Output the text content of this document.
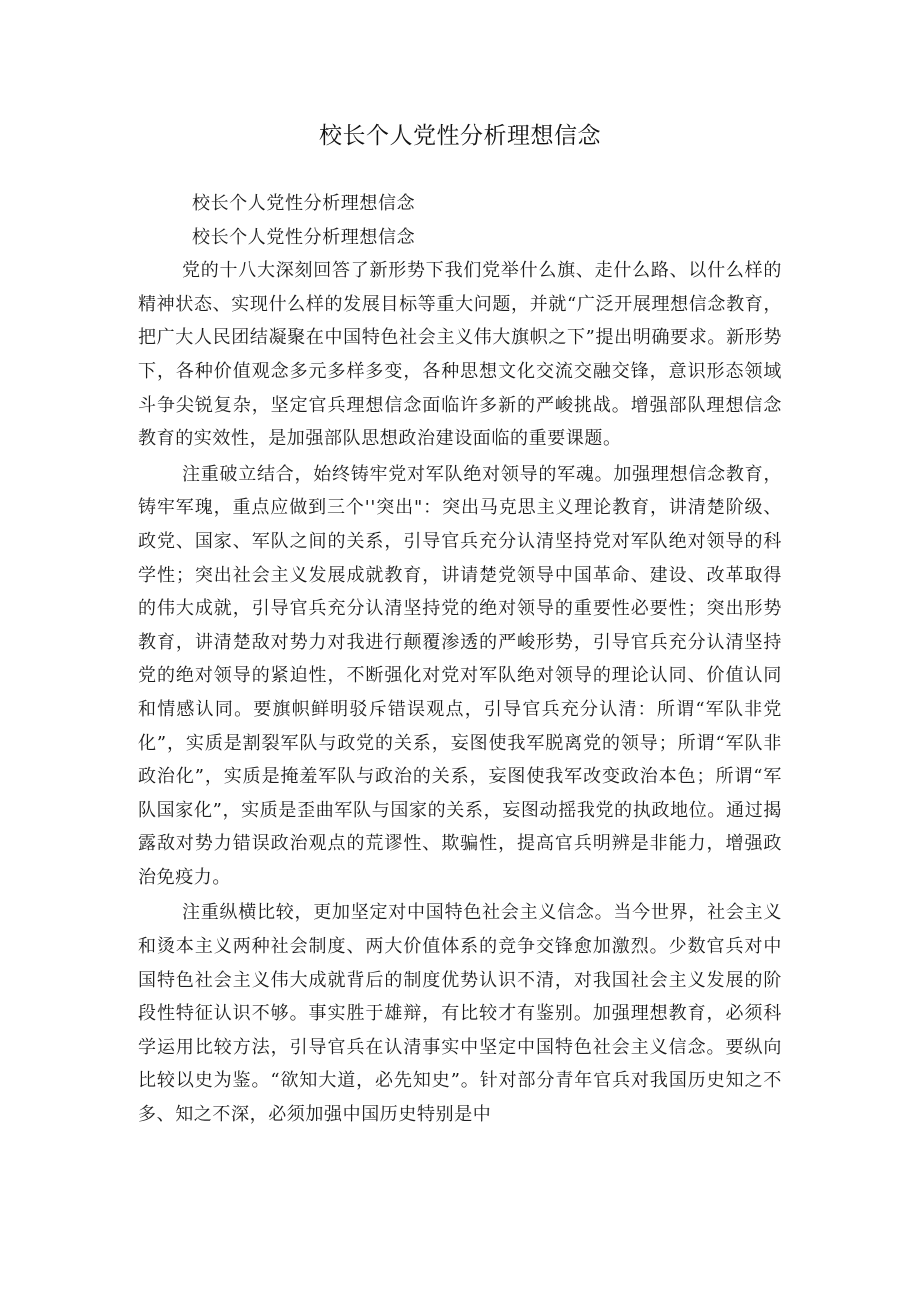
校长个人党性分析理想信念

校长个人党性分析理想信念

校长个人党性分析理想信念

党的十八大深刻回答了新形势下我们党举什么旗、走什么路、以什么样的精神状态、实现什么样的发展目标等重大问题，并就“广泛开展理想信念教育，把广大人民团结凝聚在中国特色社会主义伟大旗帜之下”提出明确要求。新形势下，各种价值观念多元多样多变，各种思想文化交流交融交锋，意识形态领域斗争尖锐复杂，坚定官兵理想信念面临许多新的严峻挑战。增强部队理想信念教育的实效性，是加强部队思想政治建设面临的重要课题。

注重破立结合，始终铸牢党对军队绝对领导的军魂。加强理想信念教育，铸牢军瑰，重点应做到三个''突出"：突出马克思主义理论教育，讲清楚阶级、政党、国家、军队之间的关系，引导官兵充分认清坚持党对军队绝对领导的科学性；突出社会主义发展成就教育，讲请楚党领导中国革命、建设、改革取得的伟大成就，引导官兵充分认清坚持党的绝对领导的重要性必要性；突出形势教育，讲清楚敌对势力对我进行颠覆渗透的严峻形势，引导官兵充分认清坚持党的绝对领导的紧迫性，不断强化对党对军队绝对领导的理论认同、价值认同和情感认同。要旗帜鲜明驳斥错误观点，引导官兵充分认清：所谓“军队非党化”，实质是割裂军队与政党的关系，妄图使我军脱离党的领导；所谓“军队非政治化”，实质是掩羞军队与政治的关系，妄图使我军改变政治本色；所谓“军队国家化”，实质是歪曲军队与国家的关系，妄图动摇我党的执政地位。通过揭露敌对势力错误政治观点的荒谬性、欺骗性，提高官兵明辨是非能力，增强政治免疫力。

注重纵横比较，更加坚定对中国特色社会主义信念。当今世界，社会主义和烫本主义两种社会制度、两大价值体系的竞争交锋愈加激烈。少数官兵对中国特色社会主义伟大成就背后的制度优势认识不清，对我国社会主义发展的阶段性特征认识不够。事实胜于雄辩，有比较才有鉴别。加强理想教育，必须科学运用比较方法，引导官兵在认清事实中坚定中国特色社会主义信念。要纵向比较以史为鉴。“欲知大道，必先知史”。针对部分青年官兵对我国历史知之不多、知之不深，必须加强中国历史特别是中
